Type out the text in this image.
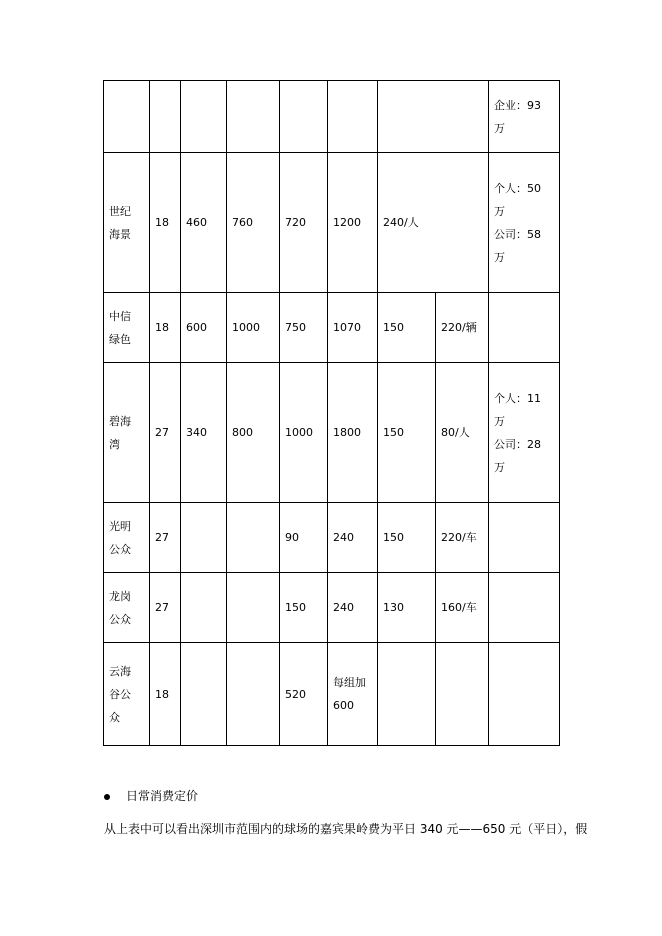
								企业：93
万
世纪
海景	18	460	760	720	1200	240/人		个人：50
万
公司：58
万
中信
绿色	18	600	1000	750	1070	150	220/辆	
碧海
湾	27	340	800	1000	1800	150	80/人	个人：11
万
公司：28
万
光明
公众	27			90	240	150	220/车	
龙岗
公众	27			150	240	130	160/车	
云海
谷公
众	18			520	每组加
600			
日常消费定价
从上表中可以看出深圳市范围内的球场的嘉宾果岭费为平日 340 元——650 元（平日），假
